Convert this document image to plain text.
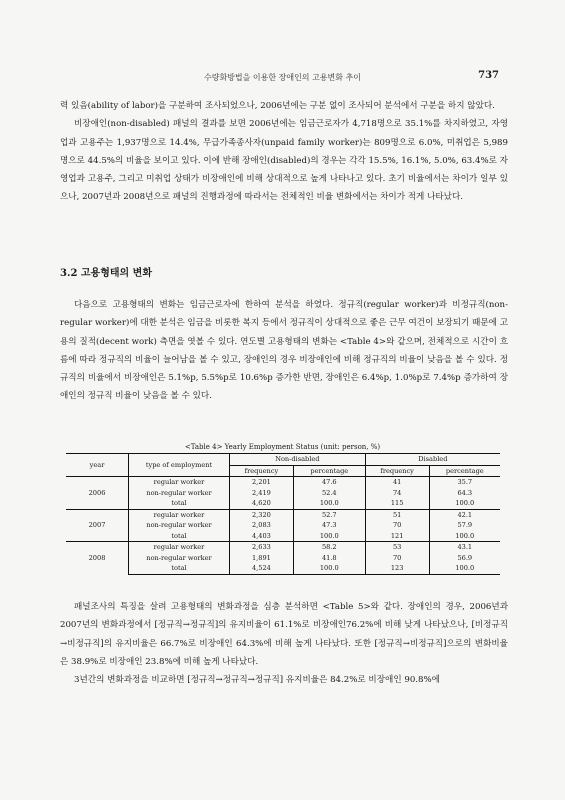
수량화방법을 이용한 장애인의 고용변화 추이	737

력 있음(ability of labor)을 구분하여 조사되었으나, 2006년에는 구분 없이 조사되어 분석에서 구분을 하지 않았다.

비장애인(non-disabled) 패널의 결과를 보면 2006년에는 임금근로자가 4,718명으로 35.1%를 차지하였고, 자영업과 고용주는 1,937명으로 14.4%, 무급가족종사자(unpaid family worker)는 809명으로 6.0%, 미취업은 5,989명으로 44.5%의 비율을 보이고 있다. 이에 반해 장애인(disabled)의 경우는 각각 15.5%, 16.1%, 5.0%, 63.4%로 자영업과 고용주, 그리고 미취업 상태가 비장애인에 비해 상대적으로 높게 나타나고 있다. 초기 비율에서는 차이가 일부 있으나, 2007년과 2008년으로 패널의 진행과정에 따라서는 전체적인 비율 변화에서는 차이가 적게 나타났다.

3.2 고용형태의 변화

다음으로 고용형태의 변화는 임금근로자에 한하여 분석을 하였다. 정규직(regular worker)과 비정규직(non-regular worker)에 대한 분석은 임금을 비롯한 복지 등에서 정규직이 상대적으로 좋은 근무 여건이 보장되기 때문에 고용의 질적(decent work) 측면을 엿볼 수 있다. 연도별 고용형태의 변화는 <Table 4>와 같으며, 전체적으로 시간이 흐름에 따라 정규직의 비율이 늘어남을 볼 수 있고, 장애인의 경우 비장애인에 비해 정규직의 비율이 낮음을 볼 수 있다. 정규직의 비율에서 비장애인은 5.1%p, 5.5%p로 10.6%p 증가한 반면, 장애인은 6.4%p, 1.0%p로 7.4%p 증가하여 장애인의 정규직 비율이 낮음을 볼 수 있다.

<Table 4> Yearly Employment Status (unit: person, %)
year	type of employment	Non-disabled		Disabled	
		frequency	percentage	frequency	percentage
2006	regular worker	2,201	47.6	41	35.7
	non-regular worker	2,419	52.4	74	64.3
	total	4,620	100.0	115	100.0
2007	regular worker	2,320	52.7	51	42.1
	non-regular worker	2,083	47.3	70	57.9
	total	4,403	100.0	121	100.0
2008	regular worker	2,633	58.2	53	43.1
	non-regular worker	1,891	41.8	70	56.9
	total	4,524	100.0	123	100.0

패널조사의 특징을 살려 고용형태의 변화과정을 심층 분석하면 <Table 5>와 같다. 장애인의 경우, 2006년과 2007년의 변화과정에서 [정규직→정규직]의 유지비율이 61.1%로 비장애인76.2%에 비해 낮게 나타났으나, [비정규직→비정규직]의 유지비율은 66.7%로 비장애인 64.3%에 비해 높게 나타났다. 또한 [정규직→비정규직]으로의 변화비율은 38.9%로 비장애인 23.8%에 비해 높게 나타났다.

3년간의 변화과정을 비교하면 [정규직→정규직→정규직] 유지비율은 84.2%로 비장애인 90.8%에
